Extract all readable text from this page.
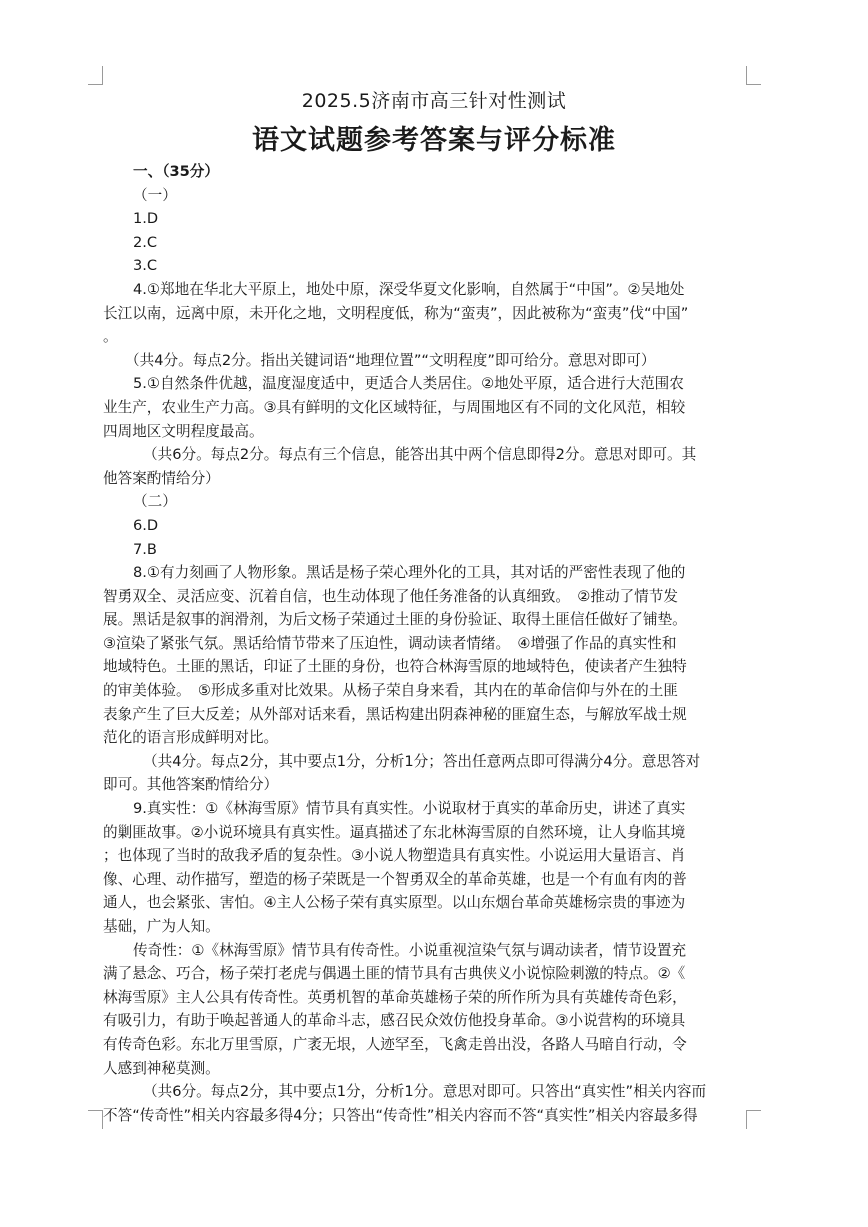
2025.5济南市高三针对性测试
语文试题参考答案与评分标准
一、（35分）
（一）
1.D
2.C
3.C
4.①郑地在华北大平原上，地处中原，深受华夏文化影响，自然属于“中国”。②吴地处
长江以南，远离中原，未开化之地，文明程度低，称为“蛮夷”，因此被称为“蛮夷”伐“中国”
。
（共4分。每点2分。指出关键词语“地理位置”“文明程度”即可给分。意思对即可）
5.①自然条件优越，温度湿度适中，更适合人类居住。②地处平原，适合进行大范围农
业生产，农业生产力高。③具有鲜明的文化区域特征，与周围地区有不同的文化风范，相较
四周地区文明程度最高。
（共6分。每点2分。每点有三个信息，能答出其中两个信息即得2分。意思对即可。其
他答案酌情给分）
（二）
6.D
7.B
8.①有力刻画了人物形象。黑话是杨子荣心理外化的工具，其对话的严密性表现了他的
智勇双全、灵活应变、沉着自信，也生动体现了他任务准备的认真细致。　②推动了情节发
展。黑话是叙事的润滑剂，为后文杨子荣通过土匪的身份验证、取得土匪信任做好了铺垫。
③渲染了紧张气氛。黑话给情节带来了压迫性，调动读者情绪。　④增强了作品的真实性和
地域特色。土匪的黑话，印证了土匪的身份，也符合林海雪原的地域特色，使读者产生独特
的审美体验。　⑤形成多重对比效果。从杨子荣自身来看，其内在的革命信仰与外在的土匪
表象产生了巨大反差；从外部对话来看，黑话构建出阴森神秘的匪窟生态，与解放军战士规
范化的语言形成鲜明对比。
（共4分。每点2分，其中要点1分，分析1分；答出任意两点即可得满分4分。意思答对
即可。其他答案酌情给分）
9.真实性：①《林海雪原》情节具有真实性。小说取材于真实的革命历史，讲述了真实
的剿匪故事。②小说环境具有真实性。逼真描述了东北林海雪原的自然环境，让人身临其境
；也体现了当时的敌我矛盾的复杂性。③小说人物塑造具有真实性。小说运用大量语言、肖
像、心理、动作描写，塑造的杨子荣既是一个智勇双全的革命英雄，也是一个有血有肉的普
通人，也会紧张、害怕。④主人公杨子荣有真实原型。以山东烟台革命英雄杨宗贵的事迹为
基础，广为人知。
传奇性：①《林海雪原》情节具有传奇性。小说重视渲染气氛与调动读者，情节设置充
满了悬念、巧合，杨子荣打老虎与偶遇土匪的情节具有古典侠义小说惊险刺激的特点。②《
林海雪原》主人公具有传奇性。英勇机智的革命英雄杨子荣的所作所为具有英雄传奇色彩，
有吸引力，有助于唤起普通人的革命斗志，感召民众效仿他投身革命。③小说营构的环境具
有传奇色彩。东北万里雪原，广袤无垠，人迹罕至，飞禽走兽出没，各路人马暗自行动，令
人感到神秘莫测。
（共6分。每点2分，其中要点1分，分析1分。意思对即可。只答出“真实性”相关内容而
不答“传奇性”相关内容最多得4分；只答出“传奇性”相关内容而不答“真实性”相关内容最多得
